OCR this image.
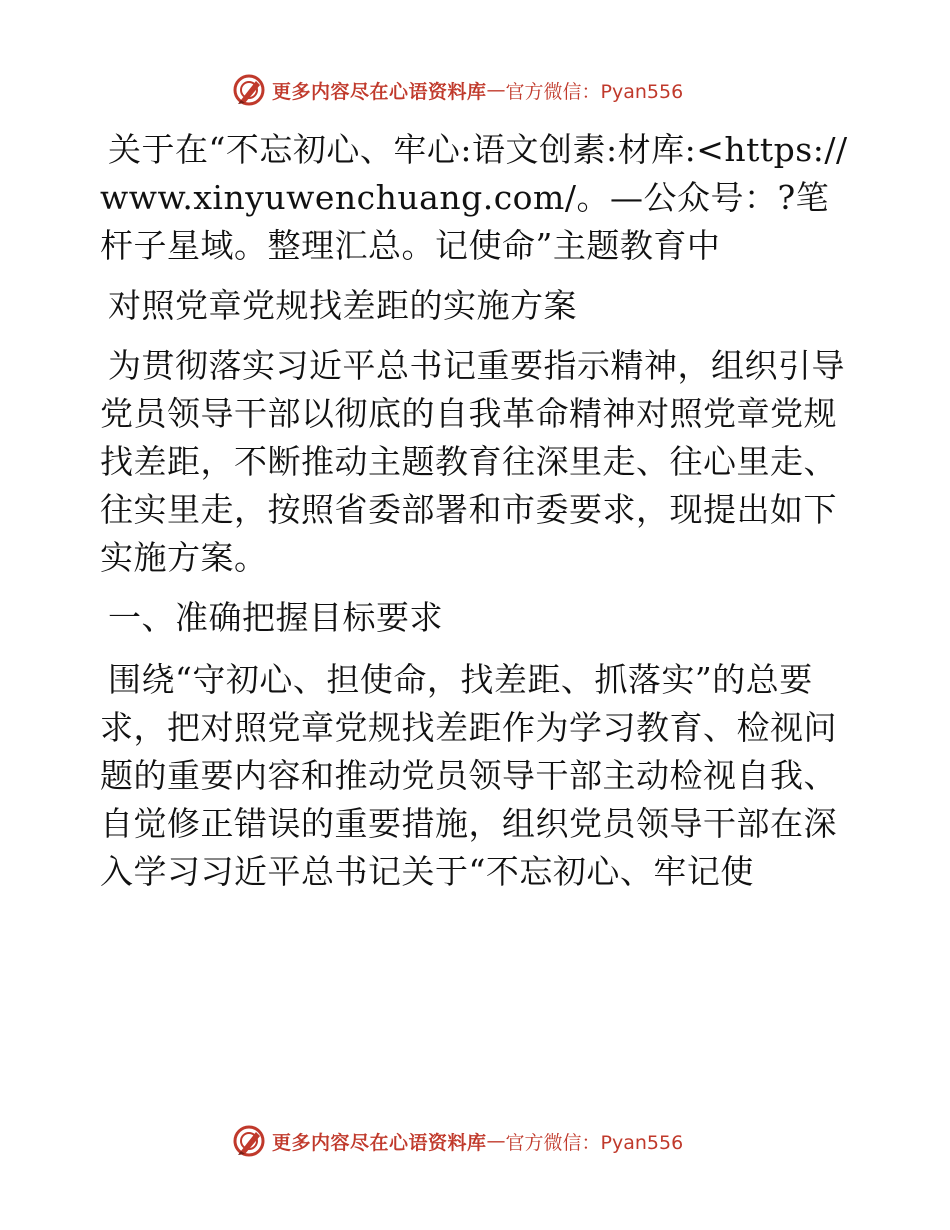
更多内容尽在心语资料库 — 官方微信：Pyan556

关于在“不忘初心、牢心:语文创素:材库:<https://www.xinyuwenchuang.com/。—公众号：?笔杆子星域。整理汇总。记使命”主题教育中

对照党章党规找差距的实施方案

为贯彻落实习近平总书记重要指示精神，组织引导党员领导干部以彻底的自我革命精神对照党章党规找差距，不断推动主题教育往深里走、往心里走、往实里走，按照省委部署和市委要求，现提出如下实施方案。

一、准确把握目标要求

围绕“守初心、担使命，找差距、抓落实”的总要求，把对照党章党规找差距作为学习教育、检视问题的重要内容和推动党员领导干部主动检视自我、自觉修正错误的重要措施，组织党员领导干部在深入学习习近平总书记关于“不忘初心、牢记使

更多内容尽在心语资料库 — 官方微信：Pyan556
